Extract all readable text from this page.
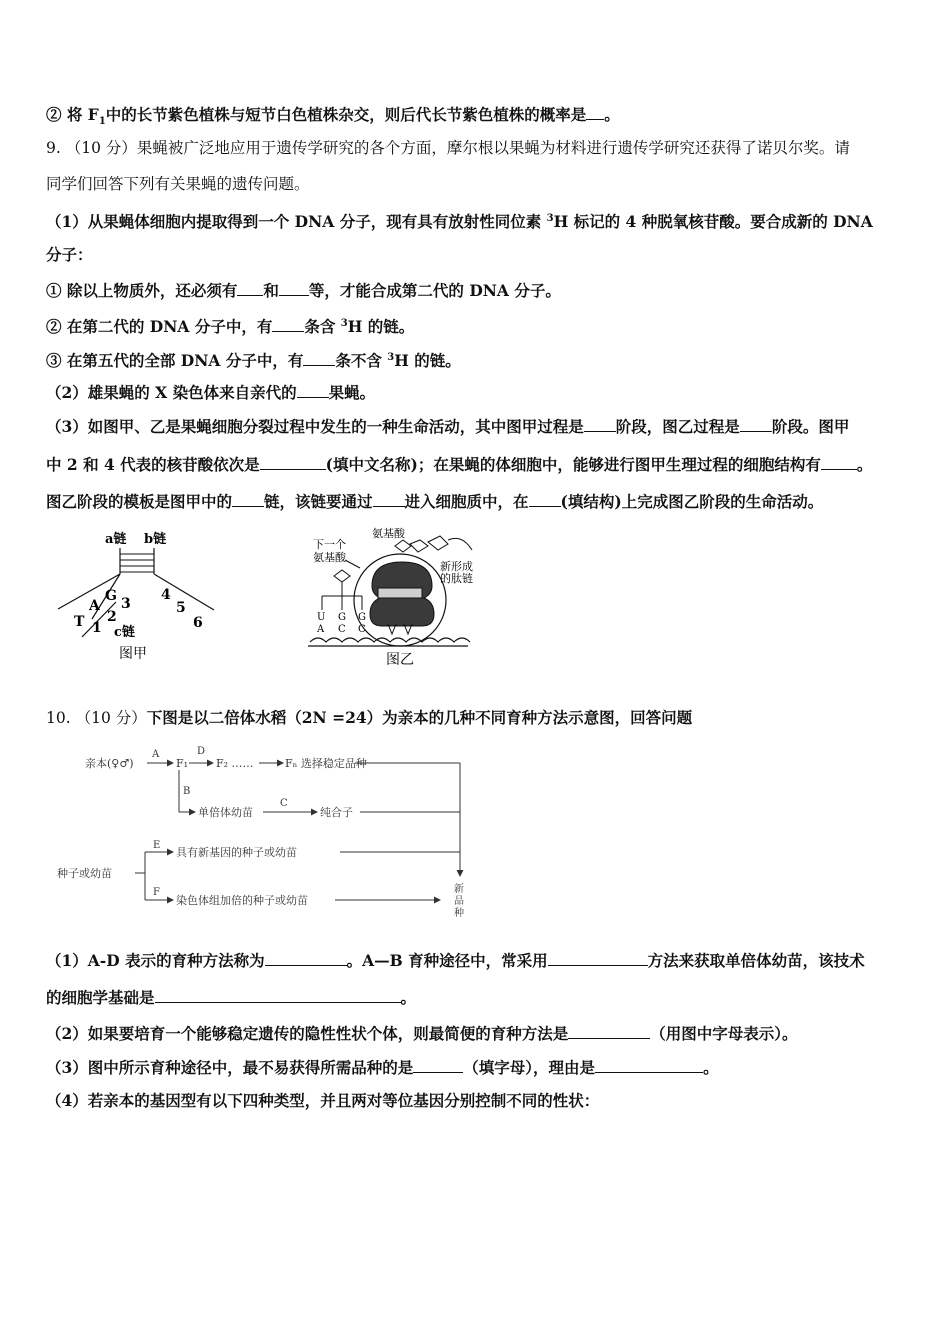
② 将 $F_1$中的长节紫色植株与短节白色植株杂交，则后代长节紫色植株的概率是 。
9. （10 分）果蝇被广泛地应用于遗传学研究的各个方面，摩尔根以果蝇为材料进行遗传学研究还获得了诺贝尔奖。请
同学们回答下列有关果蝇的遗传问题。
（1）从果蝇体细胞内提取得到一个 DNA 分子，现有具有放射性同位素 $^3$H 标记的 4 种脱氧核苷酸。要合成新的 DNA
分子：
① 除以上物质外，还必须有 和 等，才能合成第二代的 DNA 分子。
② 在第二代的 DNA 分子中，有 条含 $^3$H 的链。
③ 在第五代的全部 DNA 分子中，有 条不含 $^3$H 的链。
（2）雄果蝇的 X 染色体来自亲代的 果蝇。
（3）如图甲、乙是果蝇细胞分裂过程中发生的一种生命活动，其中图甲过程是 阶段，图乙过程是 阶段。图甲
中 2 和 4 代表的核苷酸依次是	(填中文名称)；在果蝇的体细胞中，能够进行图甲生理过程的细胞结构有 。
图乙阶段的模板是图甲中的 链，该链要通过 进入细胞质中，在 (填结构)上完成图乙阶段的生命活动。
a链 b链
A
G 3
T 1
2
4
5
6
c链
图甲
氨基酸
下一个
氨基酸
新形成
的肽链
U G G
A C C
图乙
10. （10 分）下图是以二倍体水稻（2N =24）为亲本的几种不同育种方法示意图，回答问题
亲本(♀♂)
A
F₁
D
F₂ ……	Fₙ 选择稳定品种
B
单倍体幼苗
C
纯合子
种子或幼苗
E
具有新基因的种子或幼苗
F
染色体组加倍的种子或幼苗
新
品
种
（1）A-D 表示的育种方法称为	。A—B 育种途径中，常采用	方法来获取单倍体幼苗，该技术
的细胞学基础是	。
（2）如果要培育一个能够稳定遗传的隐性性状个体，则最简便的育种方法是	（用图中字母表示）。
（3）图中所示育种途径中，最不易获得所需品种的是	（填字母），理由是	。
（4）若亲本的基因型有以下四种类型，并且两对等位基因分别控制不同的性状：
